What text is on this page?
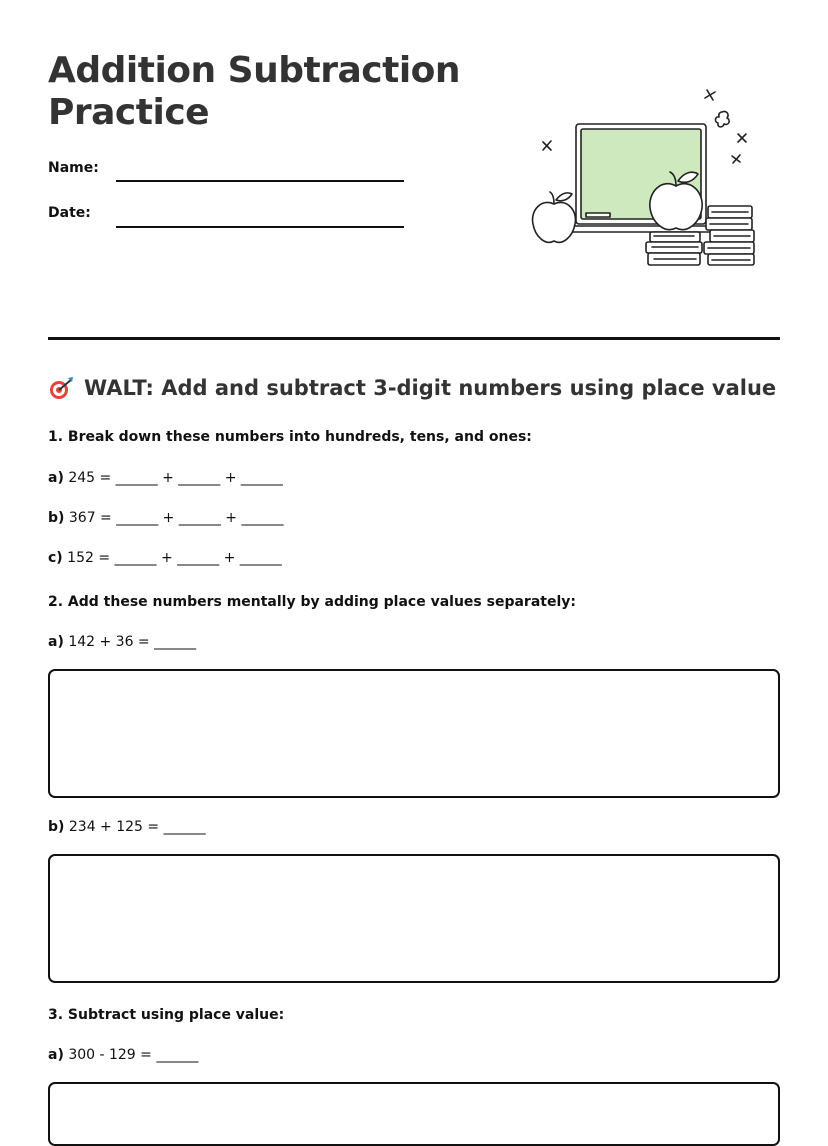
Addition Subtraction Practice
Name:
Date:
WALT: Add and subtract 3-digit numbers using place value
1. Break down these numbers into hundreds, tens, and ones:
a) 245 = ______ + ______ + ______
b) 367 = ______ + ______ + ______
c) 152 = ______ + ______ + ______
2. Add these numbers mentally by adding place values separately:
a) 142 + 36 = ______
b) 234 + 125 = ______
3. Subtract using place value:
a) 300 - 129 = ______
